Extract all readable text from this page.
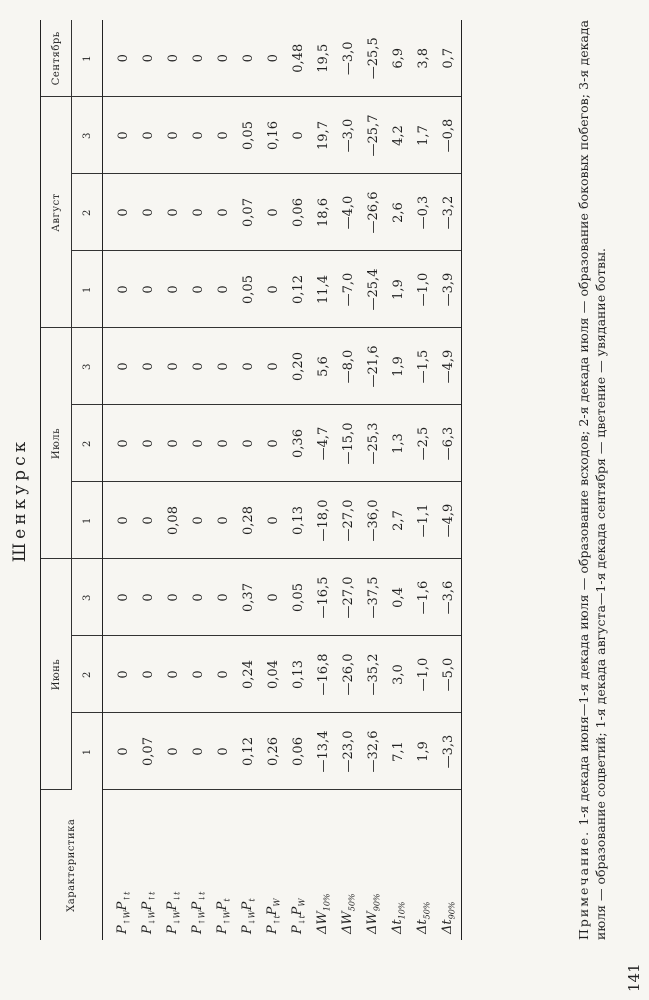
Шенкурск
Характеристика	Июнь			Июль			Август			Сентябрь
	1	2	3	1	2	3	1	2	3	1
$P_{↑W}P_{↑t}$	0	0	0	0	0	0	0	0	0	0
$P_{↓W}P_{↑t}$	0,07	0	0	0	0	0	0	0	0	0
$P_{↓W}P_{↓t}$	0	0	0	0,08	0	0	0	0	0	0
$P_{↑W}P_{↓t}$	0	0	0	0	0	0	0	0	0	0
$P_{↑W}P_t$	0	0	0	0	0	0	0	0	0	0
$P_{↓W}P_t$	0,12	0,24	0,37	0,28	0	0	0,05	0,07	0,05	0
$P_{↑t}P_W$	0,26	0,04	0	0	0	0	0	0	0,16	0
$P_{↓t}P_W$	0,06	0,13	0,05	0,13	0,36	0,20	0,12	0,06	0	0,48
$\Delta W_{10\%}$	—13,4	—16,8	—16,5	—18,0	—4,7	5,6	11,4	18,6	19,7	19,5
$\Delta W_{50\%}$	—23,0	—26,0	—27,0	—27,0	—15,0	—8,0	—7,0	—4,0	—3,0	—3,0
$\Delta W_{90\%}$	—32,6	—35,2	—37,5	—36,0	—25,3	—21,6	—25,4	—26,6	—25,7	—25,5
$\Delta t_{10\%}$	7,1	3,0	0,4	2,7	1,3	1,9	1,9	2,6	4,2	6,9
$\Delta t_{50\%}$	1,9	—1,0	—1,6	—1,1	—2,5	—1,5	—1,0	—0,3	1,7	3,8
$\Delta t_{90\%}$	—3,3	—5,0	—3,6	—4,9	—6,3	—4,9	—3,9	—3,2	—0,8	0,7
Примечание. 1-я декада июня—1-я декада июля — образование всходов; 2-я декада июля — образование боковых побегов; 3-я декада июля — образование соцветий; 1-я декада августа—1-я декада сентября — цветение — увядание ботвы.
141
